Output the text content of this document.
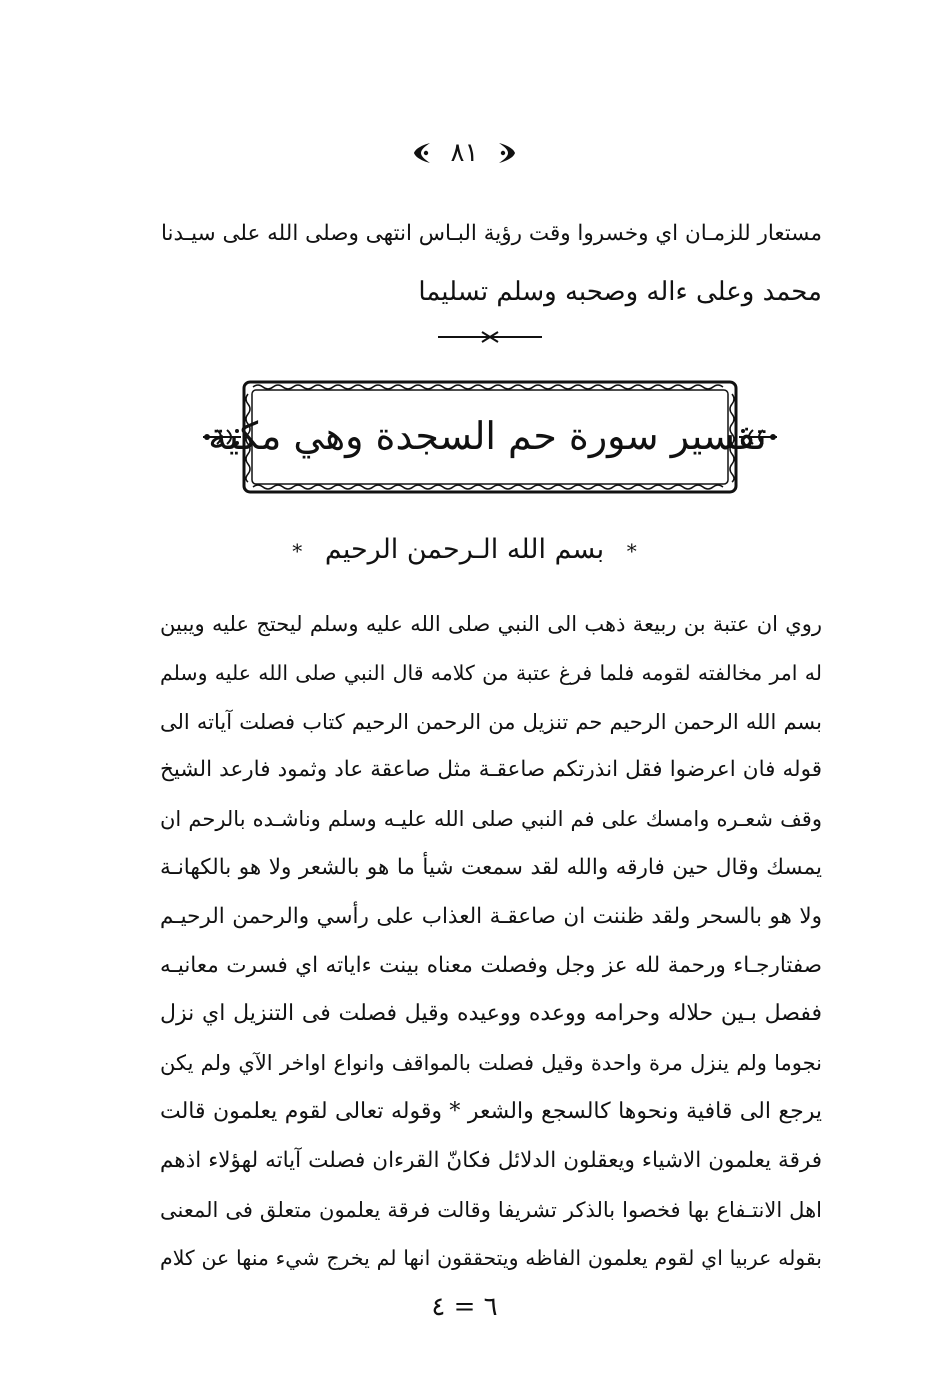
٨١

مستعار للزمـان اي وخسروا وقت رؤية البـاس انتهى وصلى الله على سيـدنا

محمد وعلى ءاله وصحبه وسلم تسليما

تفسير سورة حم السجدة وهي مكية
* بسم الله الـرحمن الرحيم *
روي ان عتبة بن ربيعة ذهب الى النبي صلى الله عليه وسلم ليحتج عليه ويبين
له امر مخالفته لقومه فلما فرغ عتبة من كلامه قال النبي صلى الله عليه وسلم
بسم الله الرحمن الرحيم حم تنزيل من الرحمن الرحيم كتاب فصلت آياته الى
قوله فان اعرضوا فقل انذرتكم صاعقـة مثل صاعقة عاد وثمود فارعد الشيخ
وقف شعـره وامسك على فم النبي صلى الله عليـه وسلم وناشـده بالرحم ان
يمسك وقال حين فارقه والله لقد سمعت شيأ ما هو بالشعر ولا هو بالكهانـة
ولا هو بالسحر ولقد ظننت ان صاعقـة العذاب على رأسي والرحمن الرحيـم
صفتارجـاء ورحمة لله عز وجل وفصلت معناه بينت ءاياته اي فسرت معانيـه
ففصل بـين حلاله وحرامه ووعده ووعيده وقيل فصلت فى التنزيل اي نزل
نجوما ولم ينزل مرة واحدة وقيل فصلت بالمواقف وانواع اواخر الآي ولم يكن
يرجع الى قافية ونحوها كالسجع والشعر * وقوله تعالى لقوم يعلمون قالت
فرقة يعلمون الاشياء ويعقلون الدلائل فكانّ القرءان فصلت آياته لهؤلاء اذهم
اهل الانتـفاع بها فخصوا بالذكر تشريفا وقالت فرقة يعلمون متعلق فى المعنى
بقوله عربيا اي لقوم يعلمون الفاظه ويتحققون انها لم يخرج شيء منها عن كلام
٦ = ٤
